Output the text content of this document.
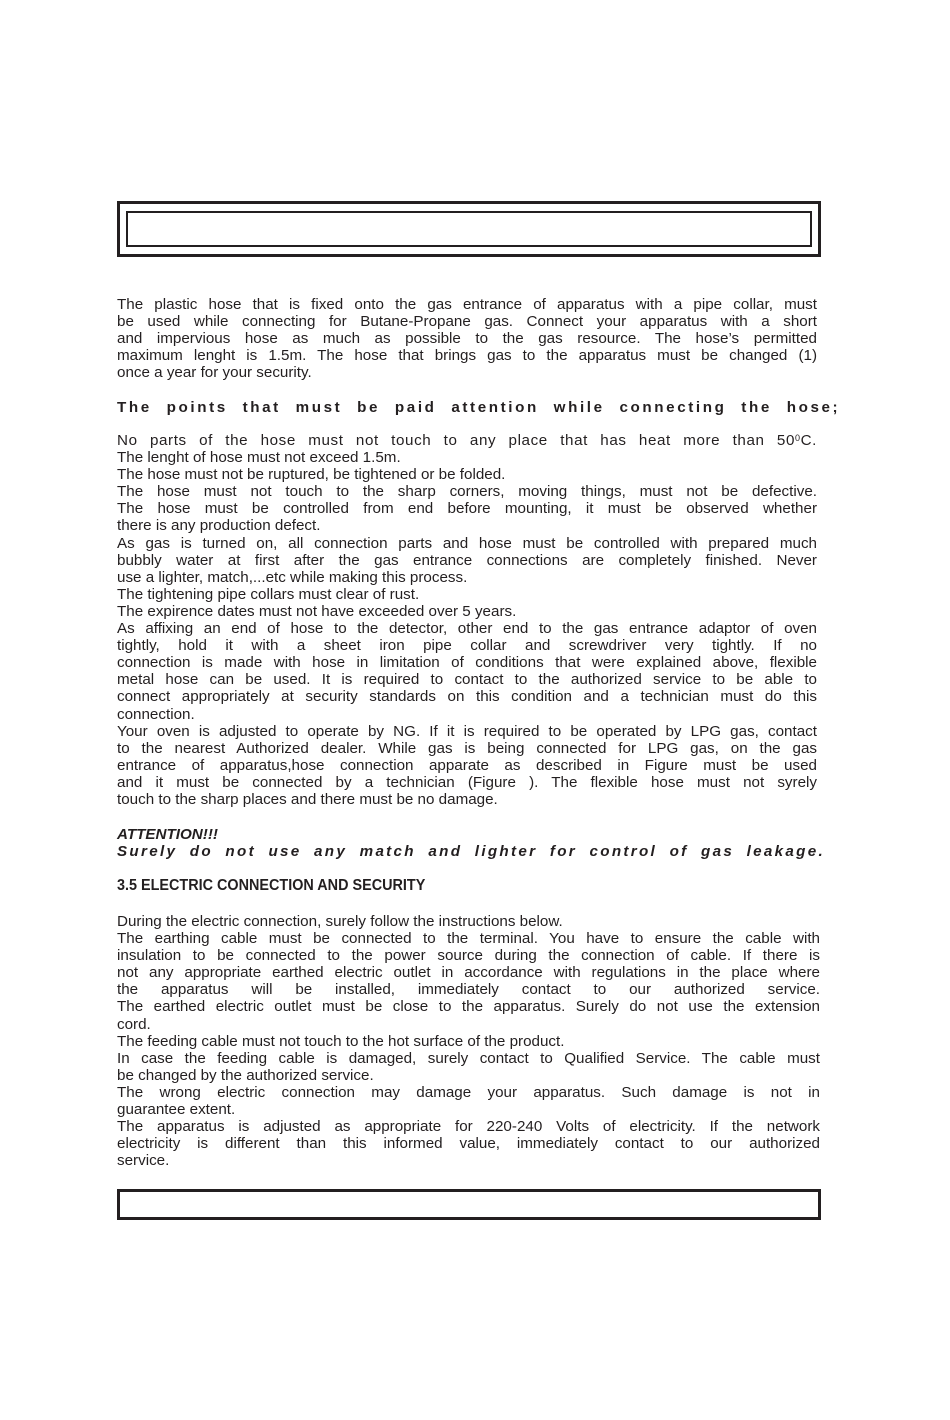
The plastic hose that is fixed onto the gas entrance of apparatus with a pipe collar, must
be used while connecting for Butane-Propane gas. Connect your apparatus with a short
and impervious hose as much as possible to the gas resource. The hose’s permitted
maximum lenght is 1.5m. The hose that brings gas to the apparatus must be changed (1)
once a year for your security.

The points that must be paid attention while connecting the hose;

No parts of the hose must not touch to any place that has heat more than $50^0C$.

The lenght of hose must not exceed 1.5m.
The hose must not be ruptured, be tightened or be folded.
The hose must not touch to the sharp corners, moving things, must not be defective.
The hose must be controlled from end before mounting, it must be observed whether
there is any production defect.
As gas is turned on, all connection parts and hose must be controlled with prepared much
bubbly water at first after the gas entrance connections are completely finished. Never
use a lighter, match,...etc while making this process.
The tightening pipe collars must clear of rust.
The expirence dates must not have exceeded over 5 years.
As affixing an end of hose to the detector, other end to the gas entrance adaptor of oven
tightly, hold it with a sheet iron pipe collar and screwdriver very tightly. If no
connection is made with hose in limitation of conditions that were explained above, flexible
metal hose can be used. It is required to contact to the authorized service to be able to
connect appropriately at security standards on this condition and a technician must do this
connection.
Your oven is adjusted to operate by NG. If it is required to be operated by LPG gas, contact
to the nearest Authorized dealer. While gas is being connected for LPG gas, on the gas
entrance of apparatus,hose connection apparate as described in Figure must be used
and it must be connected by a technician (Figure ). The flexible hose must not syrely
touch to the sharp places and there must be no damage.

ATTENTION!!!

Surely do not use any match and lighter for control of gas leakage.

3.5 ELECTRIC CONNECTION AND SECURITY

During the electric connection, surely follow the instructions below.
The earthing cable must be connected to the terminal. You have to ensure the cable with
insulation to be connected to the power source during the connection of cable. If there is
not any appropriate earthed electric outlet in accordance with regulations in the place where
the apparatus will be installed, immediately contact to our authorized service.
The earthed electric outlet must be close to the apparatus. Surely do not use the extension
cord.
The feeding cable must not touch to the hot surface of the product.
In case the feeding cable is damaged, surely contact to Qualified Service. The cable must
be changed by the authorized service.
The wrong electric connection may damage your apparatus. Such damage is not in
guarantee extent.
The apparatus is adjusted as appropriate for 220-240 Volts of electricity. If the network
electricity is different than this informed value, immediately contact to our authorized
service.
